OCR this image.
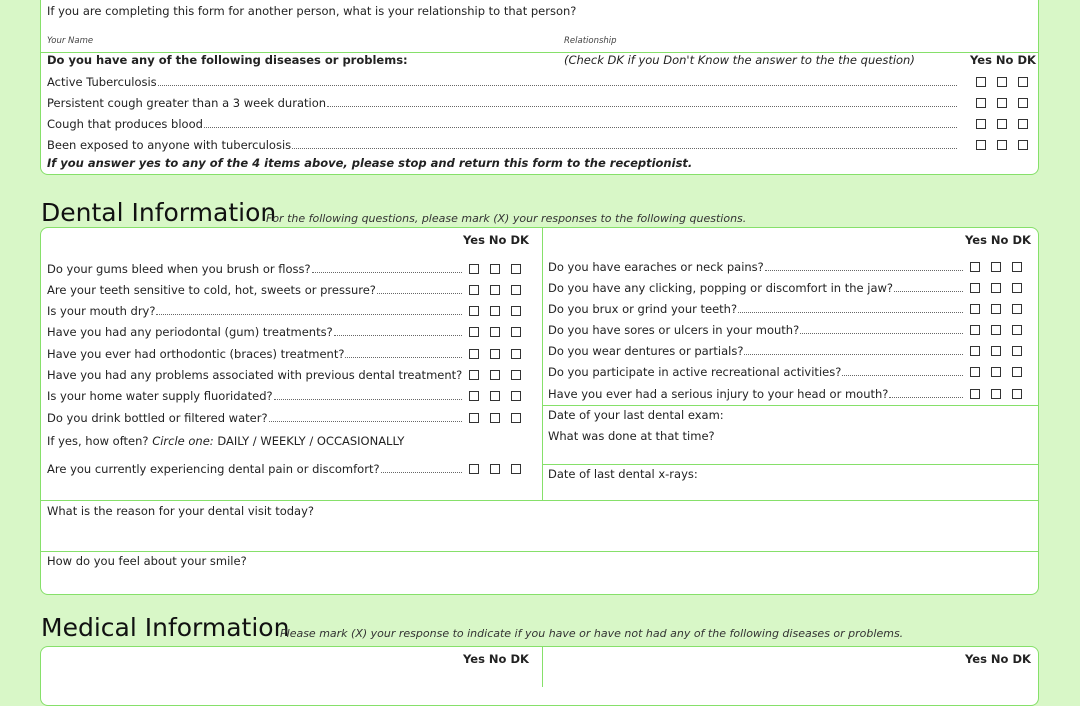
If you are completing this form for another person, what is your relationship to that person?
Your Name	Relationship
Do you have any of the following diseases or problems:	(Check DK if you Don't Know the answer to the the question)	Yes No DK
Active Tuberculosis
Persistent cough greater than a 3 week duration
Cough that produces blood
Been exposed to anyone with tuberculosis
If you answer yes to any of the 4 items above, please stop and return this form to the receptionist.
Dental Information
For the following questions, please mark (X) your responses to the following questions.
Yes No DK	Yes No DK
Do your gums bleed when you brush or floss?
Are your teeth sensitive to cold, hot, sweets or pressure?
Is your mouth dry?
Have you had any periodontal (gum) treatments?
Have you ever had orthodontic (braces) treatment?
Have you had any problems associated with previous dental treatment?
Is your home water supply fluoridated?
Do you drink bottled or filtered water?
If yes, how often? Circle one: DAILY / WEEKLY / OCCASIONALLY
Are you currently experiencing dental pain or discomfort?
Do you have earaches or neck pains?
Do you have any clicking, popping or discomfort in the jaw?
Do you brux or grind your teeth?
Do you have sores or ulcers in your mouth?
Do you wear dentures or partials?
Do you participate in active recreational activities?
Have you ever had a serious injury to your head or mouth?
Date of your last dental exam:
What was done at that time?
Date of last dental x-rays:
What is the reason for your dental visit today?
How do you feel about your smile?
Medical Information
Please mark (X) your response to indicate if you have or have not had any of the following diseases or problems.
Yes No DK	Yes No DK
